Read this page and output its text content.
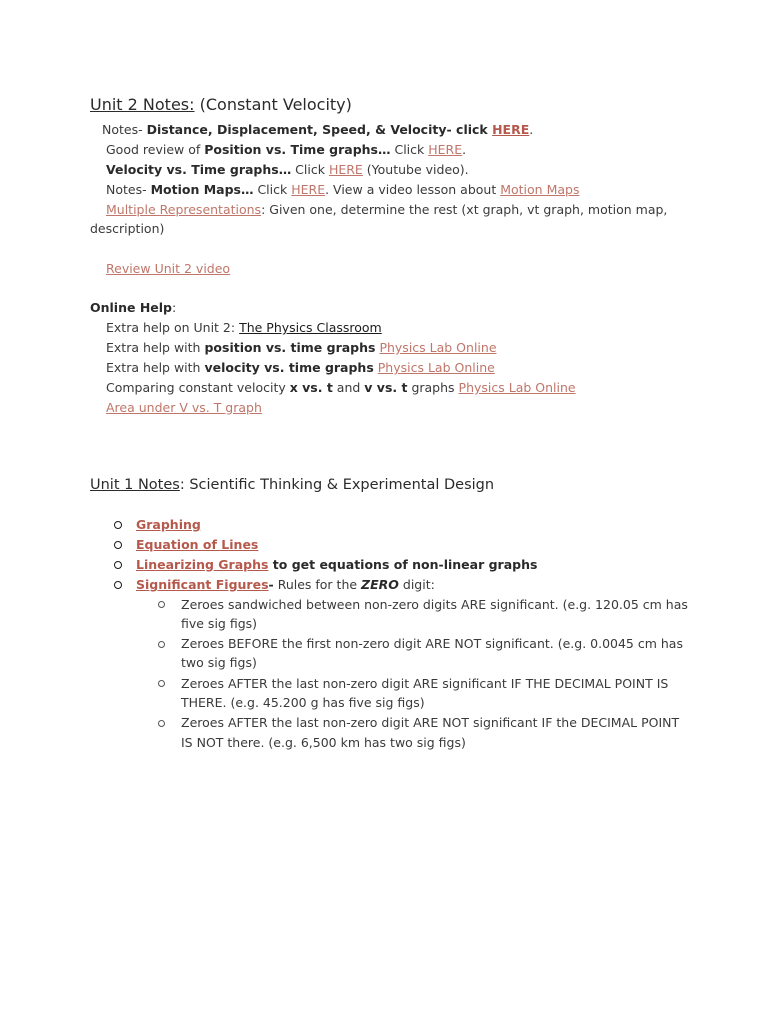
Unit 2 Notes: (Constant Velocity)
Notes- Distance, Displacement, Speed, & Velocity- click HERE.
Good review of Position vs. Time graphs… Click HERE.
Velocity vs. Time graphs… Click HERE (Youtube video).
Notes- Motion Maps… Click HERE. View a video lesson about Motion Maps
Multiple Representations: Given one, determine the rest (xt graph, vt graph, motion map,
description)
Review Unit 2 video
Online Help:
Extra help on Unit 2: The Physics Classroom
Extra help with position vs. time graphs Physics Lab Online
Extra help with velocity vs. time graphs Physics Lab Online
Comparing constant velocity x vs. t and v vs. t graphs Physics Lab Online
Area under V vs. T graph
Unit 1 Notes: Scientific Thinking & Experimental Design
Graphing
Equation of Lines
Linearizing Graphs to get equations of non-linear graphs
Significant Figures- Rules for the ZERO digit:
Zeroes sandwiched between non-zero digits ARE significant. (e.g. 120.05 cm has
five sig figs)
Zeroes BEFORE the first non-zero digit ARE NOT significant. (e.g. 0.0045 cm has
two sig figs)
Zeroes AFTER the last non-zero digit ARE significant IF THE DECIMAL POINT IS
THERE. (e.g. 45.200 g has five sig figs)
Zeroes AFTER the last non-zero digit ARE NOT significant IF the DECIMAL POINT
IS NOT there. (e.g. 6,500 km has two sig figs)
